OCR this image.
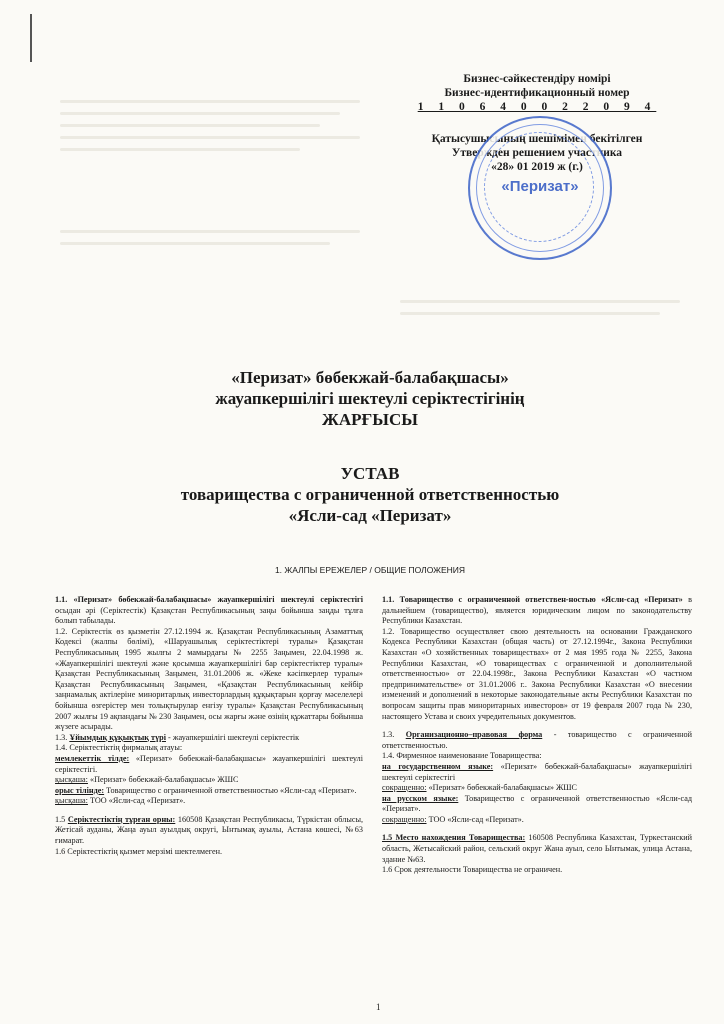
Бизнес-сәйкестендіру номірі
Бизнес-идентификационный номер
1 1 0 6 4 0 0 2 2 0 9 4
Қатысушысының шешімімен бекітілген
Утвержден решением участника
«28» 01 2019 ж (г.)
«Перизат»
«Перизат» бөбекжай-балабақшасы»
жауапкершілігі шектеулі серіктестігінің
ЖАРҒЫСЫ
УСТАВ
товарищества с ограниченной ответственностью
«Ясли-сад «Перизат»
1. ЖАЛПЫ ЕРЕЖЕЛЕР / ОБЩИЕ ПОЛОЖЕНИЯ

1.1. «Перизат» бөбекжай-балабақшасы» жауапкершілігі шектеулі серіктестігі осыдан әрі (Серіктестік) Қазақстан Республикасының заңы бойынша заңды тұлға болып табылады.

1.2. Серіктестік өз қызметін 27.12.1994 ж. Қазақстан Республикасының Азаматтық Кодексі (жалпы бөлімі), «Шаруашылық серіктестіктері туралы» Қазақстан Республикасының 1995 жылғы 2 мамырдағы № 2255 Заңымен, 22.04.1998 ж. «Жауапкершілігі шектеулі және қосымша жауапкершілігі бар серіктестіктер туралы» Қазақстан Республикасының Заңымен, 31.01.2006 ж. «Жеке кәсіпкерлер туралы» Қазақстан Республикасының Заңымен, «Қазақстан Республикасының кейбір заңнамалық актілеріне миноритарлық инвесторлардың құқықтарын қорғау мәселелері бойынша өзгерістер мен толықтырулар енгізу туралы» Қазақстан Республикасының 2007 жылғы 19 ақпандағы № 230 Заңымен, осы жарғы және өзінің құжаттары бойынша жүзеге асырады.

1.3. Ұйымдық құқықтық түрі - жауапкершілігі шектеулі серіктестік

1.4. Серіктестіктің фирмалық атауы:

мемлекеттік тілде: «Перизат» бөбекжай-балабақшасы» жауапкершілігі шектеулі серіктестігі.

қысқаша: «Перизат» бөбекжай-балабақшасы» ЖШС

орыс тілінде: Товарищество с ограниченной ответственностью «Ясли-сад «Перизат».

қысқаша: ТОО «Ясли-сад «Перизат».

1.5 Серіктестіктің тұрған орны: 160508 Қазақстан Республикасы, Түркістан облысы, Жетісай ауданы, Жаңа ауыл ауылдық округі, Ынтымақ ауылы, Астана көшесі, №63 ғимарат.

1.6 Серіктестіктің қызмет мерзімі шектелмеген.

1.1. Товарищество с ограниченной ответствен-ностью «Ясли-сад «Перизат» в дальнейшем (товарищество), является юридическим лицом по законодательству Республики Казахстан.

1.2. Товарищество осуществляет свою деятельность на основании Гражданского Кодекса Республики Казахстан (общая часть) от 27.12.1994г., Закона Республики Казахстан «О хозяйственных товариществах» от 2 мая 1995 года № 2255, Закона Республики Казахстан, «О товариществах с ограниченной и дополнительной ответственностью» от 22.04.1998г., Закона Республики Казахстан «О частном предпринимательстве» от 31.01.2006 г.. Закона Республики Казахстан «О внесении изменений и дополнений в некоторые законодательные акты Республики Казахстан по вопросам защиты прав миноритарных инвесторов» от 19 февраля 2007 года № 230, настоящего Устава и своих учредительных документов.

1.3. Организационно–правовая форма - товарищество с ограниченной ответственностью.

1.4. Фирменное наименование Товарищества:

на государственном языке: «Перизат» бөбекжай-балабақшасы» жауапкершілігі шектеулі серіктестігі

сокращенно: «Перизат» бөбекжай-балабақшасы» ЖШС

на русском языке: Товарищество с ограниченной ответственностью «Ясли-сад «Перизат».

сокращенно: ТОО «Ясли-сад «Перизат».

1.5 Место нахождения Товарищества: 160508 Республика Казахстан, Туркестанский область, Жетысайский район, сельский округ Жана ауыл, село Ынтымак, улица Астана, здание №63.

1.6 Срок деятельности Товарищества не ограничен.

1
